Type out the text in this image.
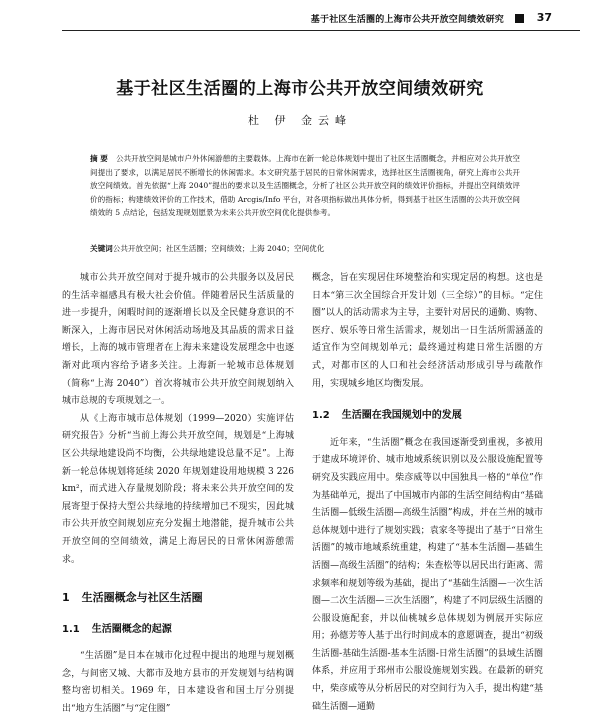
基于社区生活圈的上海市公共开放空间绩效研究	37
基于社区生活圈的上海市公共开放空间绩效研究
杜 伊 金云峰
摘 要 公共开放空间是城市户外休闲游憩的主要载体。上海市在新一轮总体规划中提出了社区生活圈概念，并相应对公共开放空间提出了要求，以满足居民不断增长的休闲需求。本文研究基于居民的日常休闲需求，选择社区生活圈视角，研究上海市公共开放空间绩效。首先依据“上海 2040”提出的要求以及生活圈概念，分析了社区公共开放空间的绩效评价指标，并提出空间绩效评价的指标；构建绩效评价的工作技术，借助 Arcgis/Info 平台，对各项指标做出具体分析，得到基于社区生活圈的公共开放空间绩效的 5 点结论，包括发现规划愿景为未来公共开放空间优化提供参考。
关键词公共开放空间；社区生活圈；空间绩效；上海 2040；空间优化

城市公共开放空间对于提升城市的公共服务以及居民的生活幸福感具有极大社会价值。伴随着居民生活质量的进一步提升，闲暇时间的逐渐增长以及全民健身意识的不断深入，上海市居民对休闲活动场地及其品质的需求日益增长，上海的城市管理者在上海未来建设发展理念中也逐渐对此项内容给予诸多关注。上海新一轮城市总体规划（简称“上海 2040”）首次将城市公共开放空间规划纳入城市总规的专项规划之一。

从《上海市城市总体规划（1999—2020）实施评估研究报告》分析“当前上海公共开放空间，规划是“上海城区公共绿地建设尚不均衡，公共绿地建设总量不足”。上海新一轮总体规划将延续 2020 年规划建设用地规模 3 226 km²，而式进入存量规划阶段；将未来公共开放空间的发展寄望于保持大型公共绿地的持续增加已不现实，因此城市公共开放空间规划应充分发掘土地潜能，提升城市公共开放空间的空间绩效，满足上海居民的日常休闲游憩需求。

1 生活圈概念与社区生活圈
1.1 生活圈概念的起源

“生活圈”是日本在城市化过程中提出的地理与规划概念，与间密又城、大都市及地方县市的开发规划与结构调整均密切相关。1969 年，日本建设省和国土厅分别提出“地方生活圈”与“定住圈”

概念，旨在实现居住环境整治和实现定居的构想。这也是日本“第三次全国综合开发计划（三全综）”的目标。“定住圈”以人的活动需求为主导，主要针对居民的通勤、购物、医疗、娱乐等日常生活需求，规划出一日生活所需涵盖的适宜作为空间规划单元；最终通过构建日常生活圈的方式，对都市区的人口和社会经济活动形成引导与疏散作用，实现城乡地区均衡发展。

1.2 生活圈在我国规划中的发展

近年来，“生活圈”概念在我国逐渐受到重视，多被用于建成环境评价、城市地域系统识别以及公服设施配置等研究及实践应用中。柴彦威等以中国独具一格的“单位”作为基础单元，提出了中国城市内部的生活空间结构由“基础生活圈—低级生活圈—高级生活圈”构成，并在兰州的城市总体规划中进行了规划实践；袁家冬等提出了基于“日常生活圈”的城市地域系统重建，构建了“基本生活圈—基础生活圈—高级生活圈”的结构；朱查松等以居民出行距离、需求频率和规划等级为基础，提出了“基础生活圈—一次生活圈—二次生活圈—三次生活圈”，构建了不同层级生活圈的公服设施配套，并以仙桃城乡总体规划为例展开实际应用；孙德芳等人基于出行时间成本的意愿调查，提出“初级生活圈-基础生活圈-基本生活圈-日常生活圈”的县域生活圈体系，并应用于邳州市公服设施规划实践。在最新的研究中，柴彦威等从分析居民的对空间行为入手，提出构建“基础生活圈—通勤
